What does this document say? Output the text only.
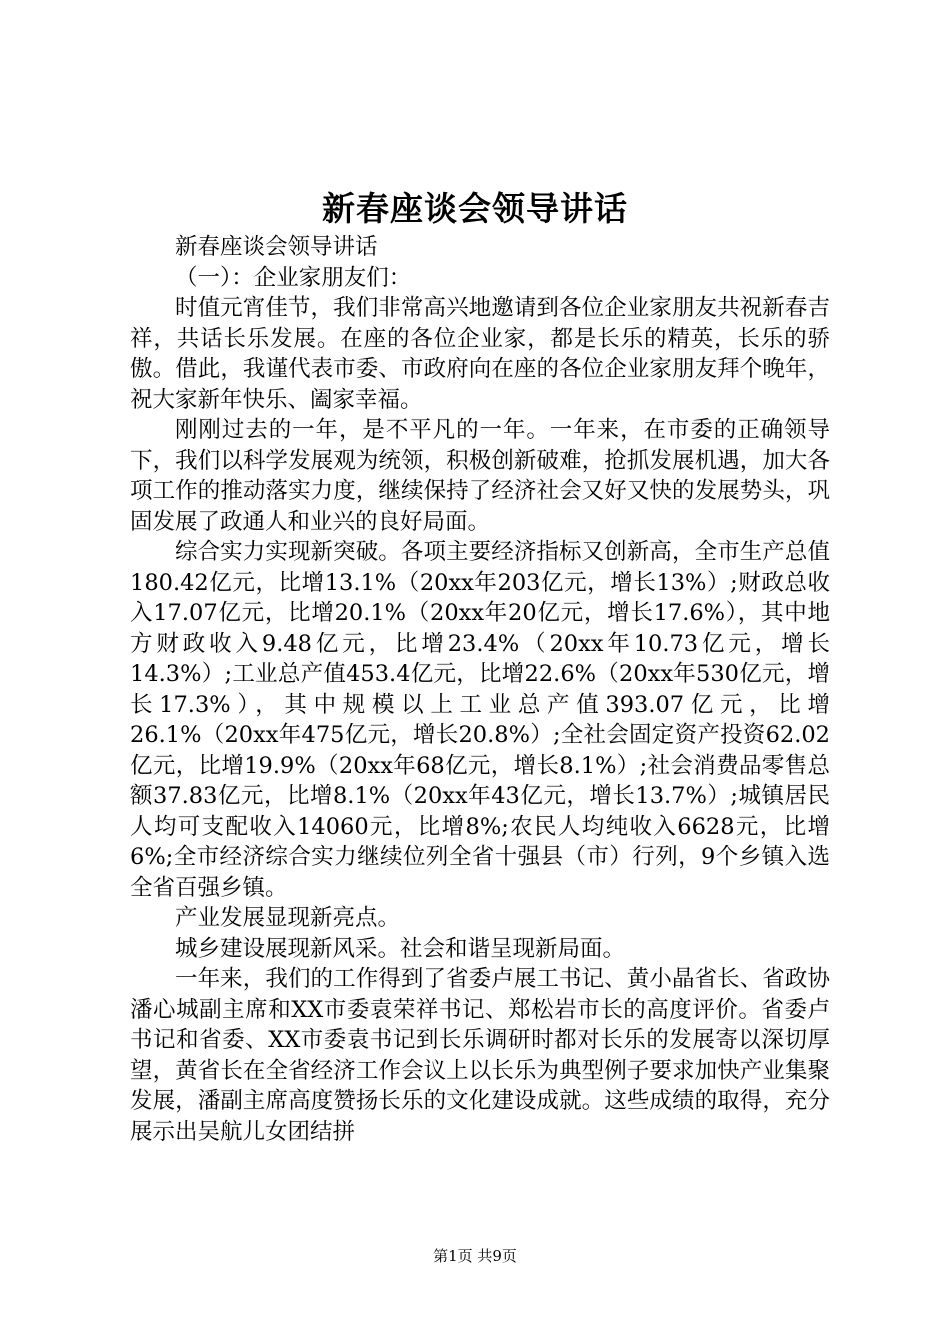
新春座谈会领导讲话

新春座谈会领导讲话

（一）：企业家朋友们：

时值元宵佳节，我们非常高兴地邀请到各位企业家朋友共祝新春吉祥，共话长乐发展。在座的各位企业家，都是长乐的精英，长乐的骄傲。借此，我谨代表市委、市政府向在座的各位企业家朋友拜个晚年，祝大家新年快乐、阖家幸福。

刚刚过去的一年，是不平凡的一年。一年来，在市委的正确领导下，我们以科学发展观为统领，积极创新破难，抢抓发展机遇，加大各项工作的推动落实力度，继续保持了经济社会又好又快的发展势头，巩固发展了政通人和业兴的良好局面。

综合实力实现新突破。各项主要经济指标又创新高，全市生产总值180.42亿元，比增13.1%（20xx年203亿元，增长13%）;财政总收入17.07亿元，比增20.1%（20xx年20亿元，增长17.6%），其中地方财政收入9.48亿元，比增23.4%（20xx年10.73亿元，增长14.3%）;工业总产值453.4亿元，比增22.6%（20xx年530亿元，增长17.3%），其中规模以上工业总产值393.07亿元，比增26.1%（20xx年475亿元，增长20.8%）;全社会固定资产投资62.02亿元，比增19.9%（20xx年68亿元，增长8.1%）;社会消费品零售总额37.83亿元，比增8.1%（20xx年43亿元，增长13.7%）;城镇居民人均可支配收入14060元，比增8%;农民人均纯收入6628元，比增6%;全市经济综合实力继续位列全省十强县（市）行列，9个乡镇入选全省百强乡镇。

产业发展显现新亮点。

城乡建设展现新风采。社会和谐呈现新局面。

一年来，我们的工作得到了省委卢展工书记、黄小晶省长、省政协潘心城副主席和XX市委袁荣祥书记、郑松岩市长的高度评价。省委卢书记和省委、XX市委袁书记到长乐调研时都对长乐的发展寄以深切厚望，黄省长在全省经济工作会议上以长乐为典型例子要求加快产业集聚发展，潘副主席高度赞扬长乐的文化建设成就。这些成绩的取得，充分展示出吴航儿女团结拼

第1页 共9页
